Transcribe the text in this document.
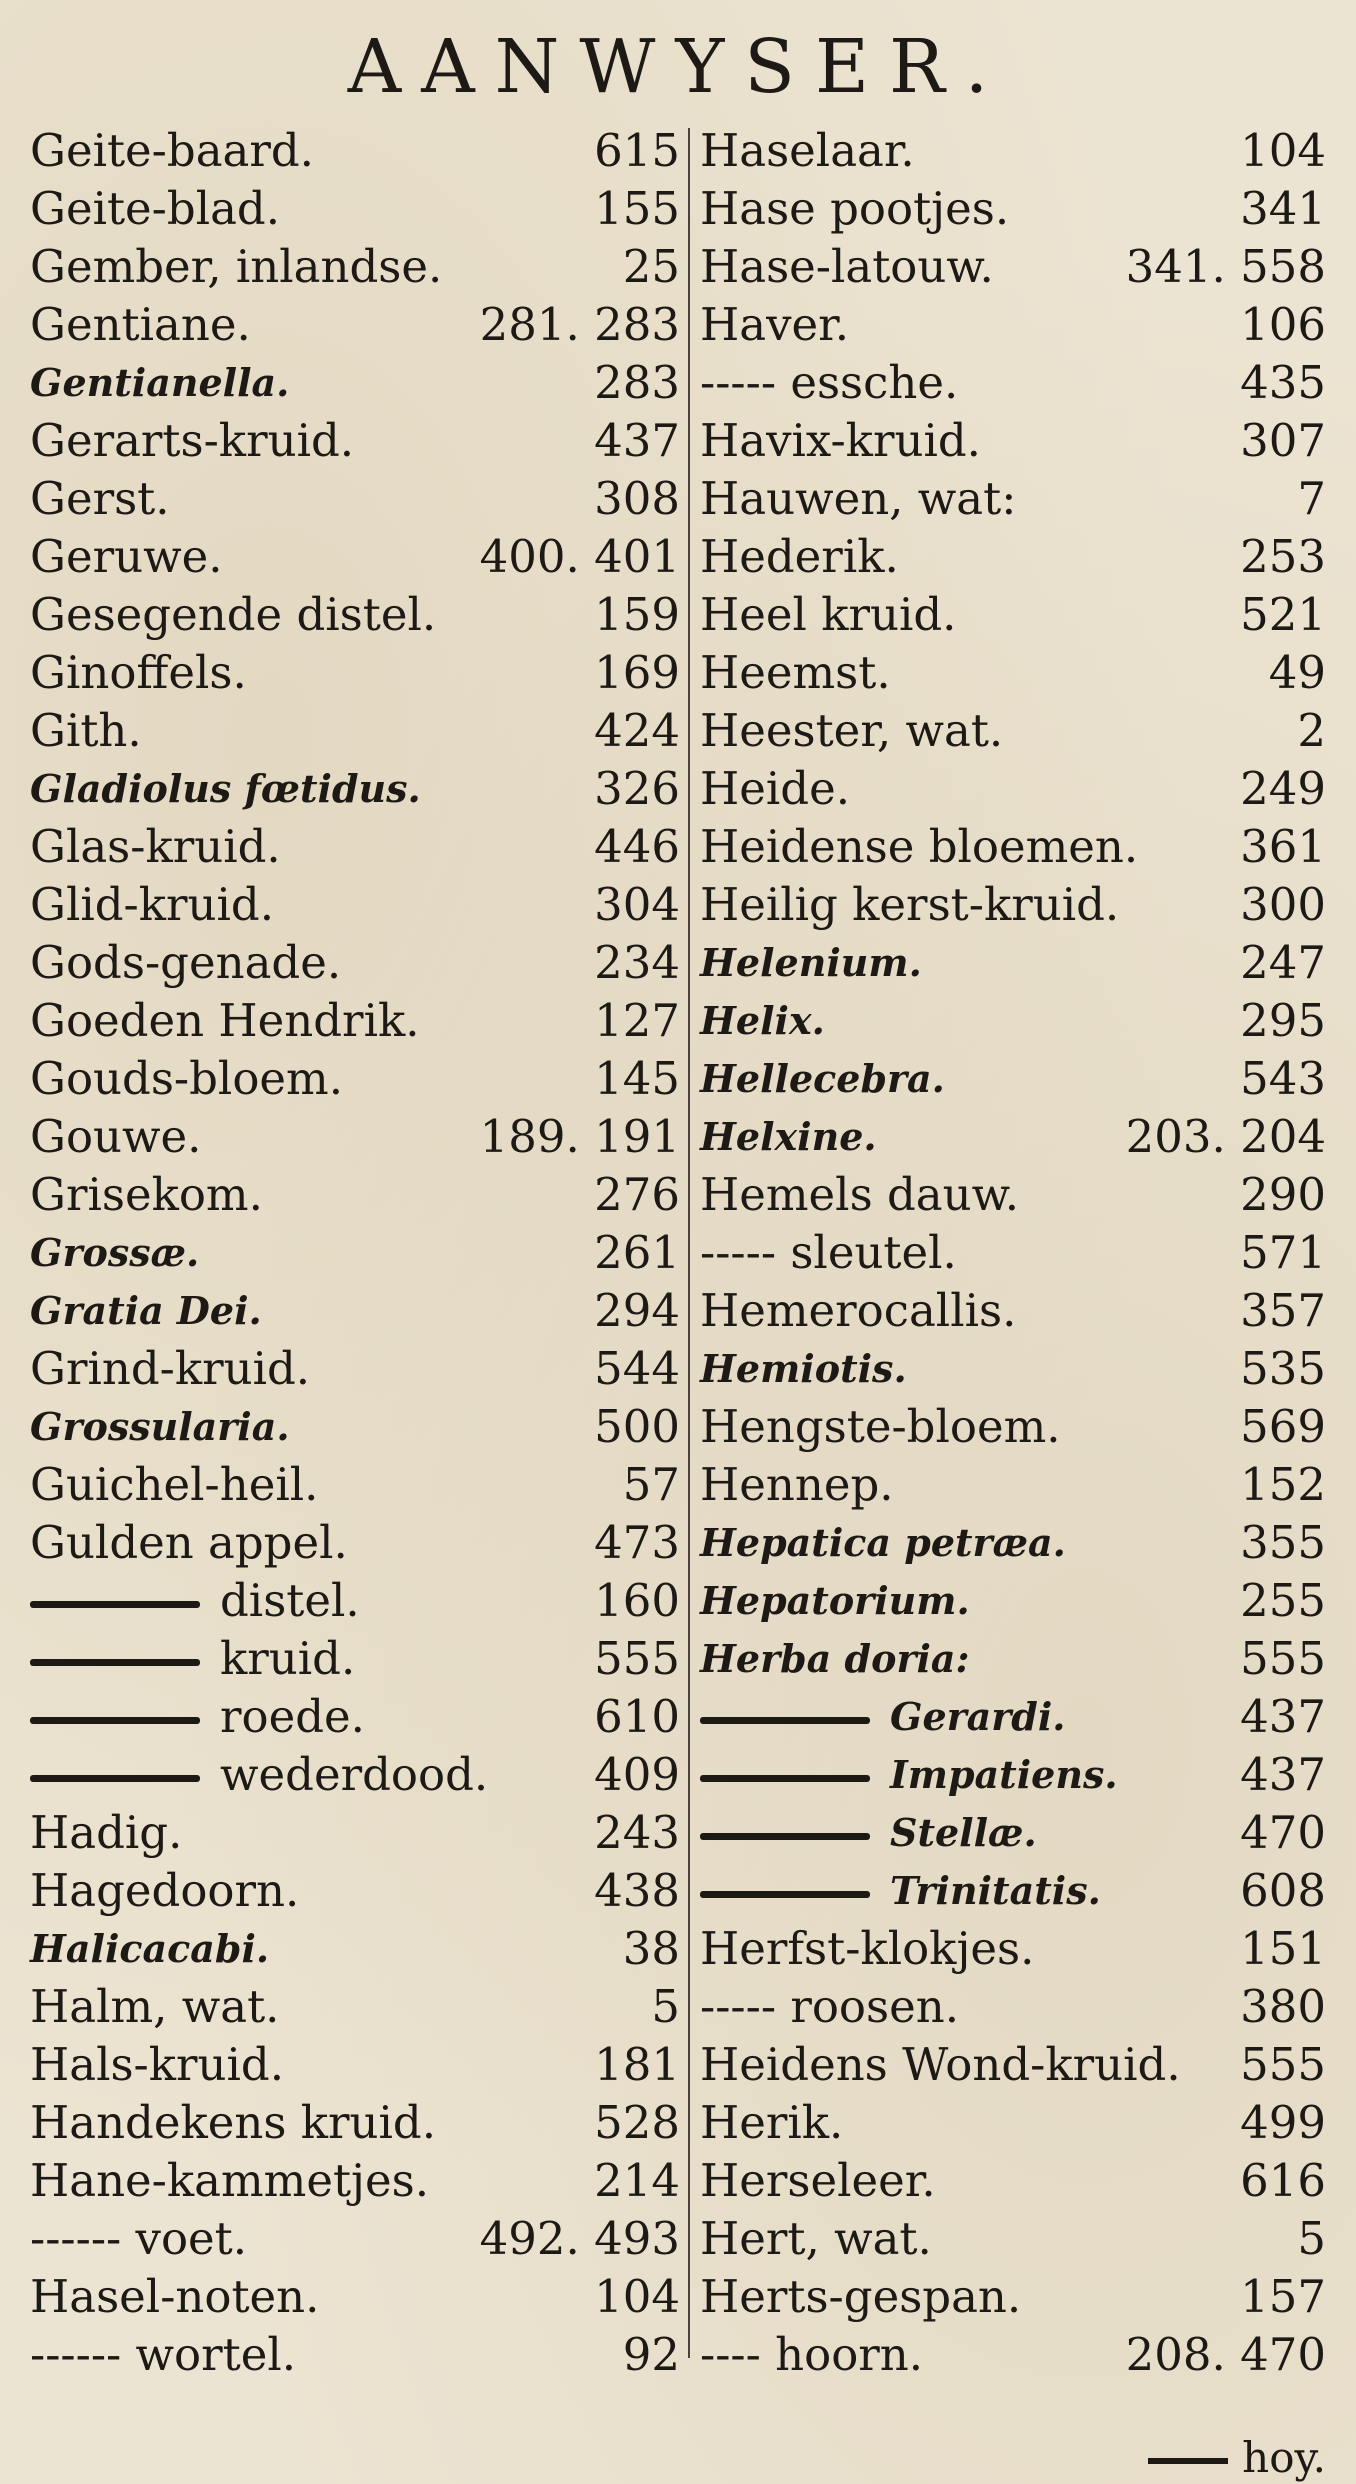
AANWYSER.
Geite-baard.	615
Geite-blad.	155
Gember, inlandse.	25
Gentiane.	281. 283
Gentianella.	283
Gerarts-kruid.	437
Gerst.	308
Geruwe.	400. 401
Gesegende distel.	159
Ginoffels.	169
Gith.	424
Gladiolus fœtidus.	326
Glas-kruid.	446
Glid-kruid.	304
Gods-genade.	234
Goeden Hendrik.	127
Gouds-bloem.	145
Gouwe.	189. 191
Grisekom.	276
Grossæ.	261
Gratia Dei.	294
Grind-kruid.	544
Grossularia.	500
Guichel-heil.	57
Gulden appel.	473
distel.	160
kruid.	555
roede.	610
wederdood. 409
Hadig.	243
Hagedoorn.	438
Halicacabi.	38
Halm, wat.	5
Hals-kruid.	181
Handekens kruid.	528
Hane-kammetjes.	214
------ voet.	492. 493
Hasel-noten.	104
------ wortel.	92
Haselaar.	104
Hase pootjes.	341
Hase-latouw.	341. 558
Haver.	106
----- essche.	435
Havix-kruid.	307
Hauwen, wat:	7
Hederik.	253
Heel kruid.	521
Heemst.	49
Heester, wat.	2
Heide.	249
Heidense bloemen. 361
Heilig kerst-kruid.	300
Helenium.	247
Helix.	295
Hellecebra.	543
Helxine.	203. 204
Hemels dauw.	290
----- sleutel.	571
Hemerocallis.	357
Hemiotis.	535
Hengste-bloem.	569
Hennep.	152
Hepatica petræa.	355
Hepatorium.	255
Herba doria:	555
Gerardi.	437
Impatiens.	437
Stellæ.	470
Trinitatis.	608
Herfst-klokjes.	151
----- roosen.	380
Heidens Wond-kruid. 555
Herik.	499
Herseleer.	616
Hert, wat.	5
Herts-gespan.	157
---- hoorn.	208. 470
hoy.
